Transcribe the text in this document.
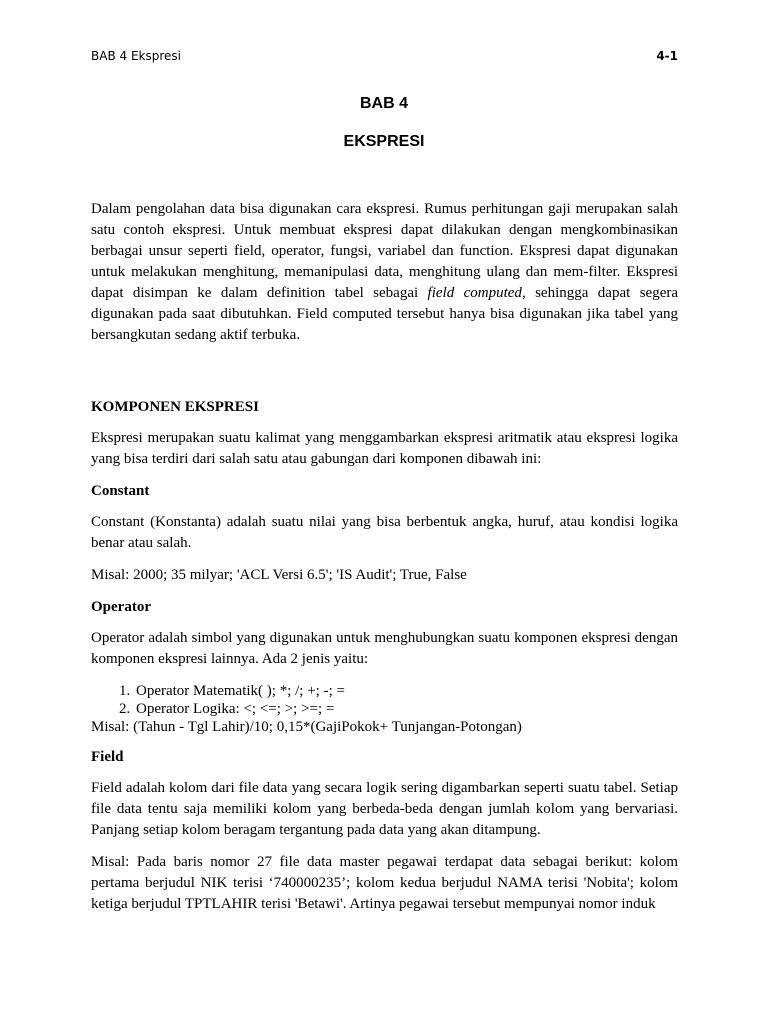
BAB 4 Ekspresi	4-1
BAB 4
EKSPRESI

Dalam pengolahan data bisa digunakan cara ekspresi. Rumus perhitungan gaji merupakan salah satu contoh ekspresi. Untuk membuat ekspresi dapat dilakukan dengan mengkombinasikan berbagai unsur seperti field, operator, fungsi, variabel dan function. Ekspresi dapat digunakan untuk melakukan menghitung, memanipulasi data, menghitung ulang dan mem-filter. Ekspresi dapat disimpan ke dalam definition tabel sebagai field computed, sehingga dapat segera digunakan pada saat dibutuhkan. Field computed tersebut hanya bisa digunakan jika tabel yang bersangkutan sedang aktif terbuka.

KOMPONEN EKSPRESI

Ekspresi merupakan suatu kalimat yang menggambarkan ekspresi aritmatik atau ekspresi logika yang bisa terdiri dari salah satu atau gabungan dari komponen dibawah ini:

Constant

Constant (Konstanta) adalah suatu nilai yang bisa berbentuk angka, huruf, atau kondisi logika benar atau salah.

Misal: 2000; 35 milyar; 'ACL Versi 6.5'; 'IS Audit'; True, False

Operator

Operator adalah simbol yang digunakan untuk menghubungkan suatu komponen ekspresi dengan komponen ekspresi lainnya. Ada 2 jenis yaitu:

1. Operator Matematik( ); *; /; +; -; =
2. Operator Logika: <; <=; >; >=; =

Misal: (Tahun - Tgl Lahir)/10; 0,15*(GajiPokok+ Tunjangan-Potongan)

Field

Field adalah kolom dari file data yang secara logik sering digambarkan seperti suatu tabel. Setiap file data tentu saja memiliki kolom yang berbeda-beda dengan jumlah kolom yang bervariasi. Panjang setiap kolom beragam tergantung pada data yang akan ditampung.

Misal: Pada baris nomor 27 file data master pegawai terdapat data sebagai berikut: kolom pertama berjudul NIK terisi ‘740000235’; kolom kedua berjudul NAMA terisi 'Nobita'; kolom ketiga berjudul TPTLAHIR terisi 'Betawi'. Artinya pegawai tersebut mempunyai nomor induk
